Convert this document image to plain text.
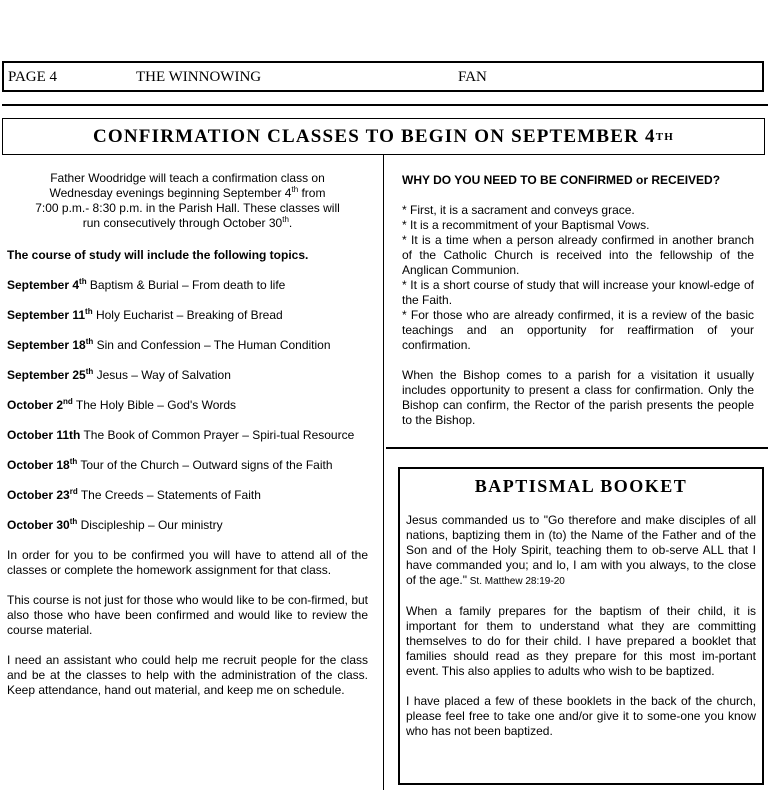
PAGE 4	THE WINNOWING	FAN
CONFIRMATION CLASSES TO BEGIN ON SEPTEMBER 4 TH
Father Woodridge will teach a confirmation class on
Wednesday evenings beginning September 4th from
7:00 p.m.- 8:30 p.m. in the Parish Hall. These classes will
run consecutively through October 30th.

The course of study will include the following topics.

September 4th Baptism & Burial – From death to life
September 11th Holy Eucharist – Breaking of Bread
September 18th Sin and Confession – The Human Condition
September 25th Jesus – Way of Salvation
October 2nd The Holy Bible – God's Words
October 11th The Book of Common Prayer – Spiri-tual Resource
October 18th Tour of the Church – Outward signs of the Faith
October 23rd The Creeds – Statements of Faith
October 30th Discipleship – Our ministry

In order for you to be confirmed you will have to attend all of the classes or complete the homework assignment for that class.

This course is not just for those who would like to be con-firmed, but also those who have been confirmed and would like to review the course material.

I need an assistant who could help me recruit people for the class and be at the classes to help with the administration of the class. Keep attendance, hand out material, and keep me on schedule.

WHY DO YOU NEED TO BE CONFIRMED or RECEIVED?

* First, it is a sacrament and conveys grace.
* It is a recommitment of your Baptismal Vows.
* It is a time when a person already confirmed in another branch of the Catholic Church is received into the fellowship of the Anglican Communion.
* It is a short course of study that will increase your knowl-edge of the Faith.
* For those who are already confirmed, it is a review of the basic teachings and an opportunity for reaffirmation of your confirmation.

When the Bishop comes to a parish for a visitation it usually includes opportunity to present a class for confirmation. Only the Bishop can confirm, the Rector of the parish presents the people to the Bishop.

BAPTISMAL BOOKET

Jesus commanded us to "Go therefore and make disciples of all nations, baptizing them in (to) the Name of the Father and of the Son and of the Holy Spirit, teaching them to ob-serve ALL that I have commanded you; and lo, I am with you always, to the close of the age." St. Matthew 28:19-20

When a family prepares for the baptism of their child, it is important for them to understand what they are committing themselves to do for their child. I have prepared a booklet that families should read as they prepare for this most im-portant event. This also applies to adults who wish to be baptized.

I have placed a few of these booklets in the back of the church, please feel free to take one and/or give it to some-one you know who has not been baptized.
